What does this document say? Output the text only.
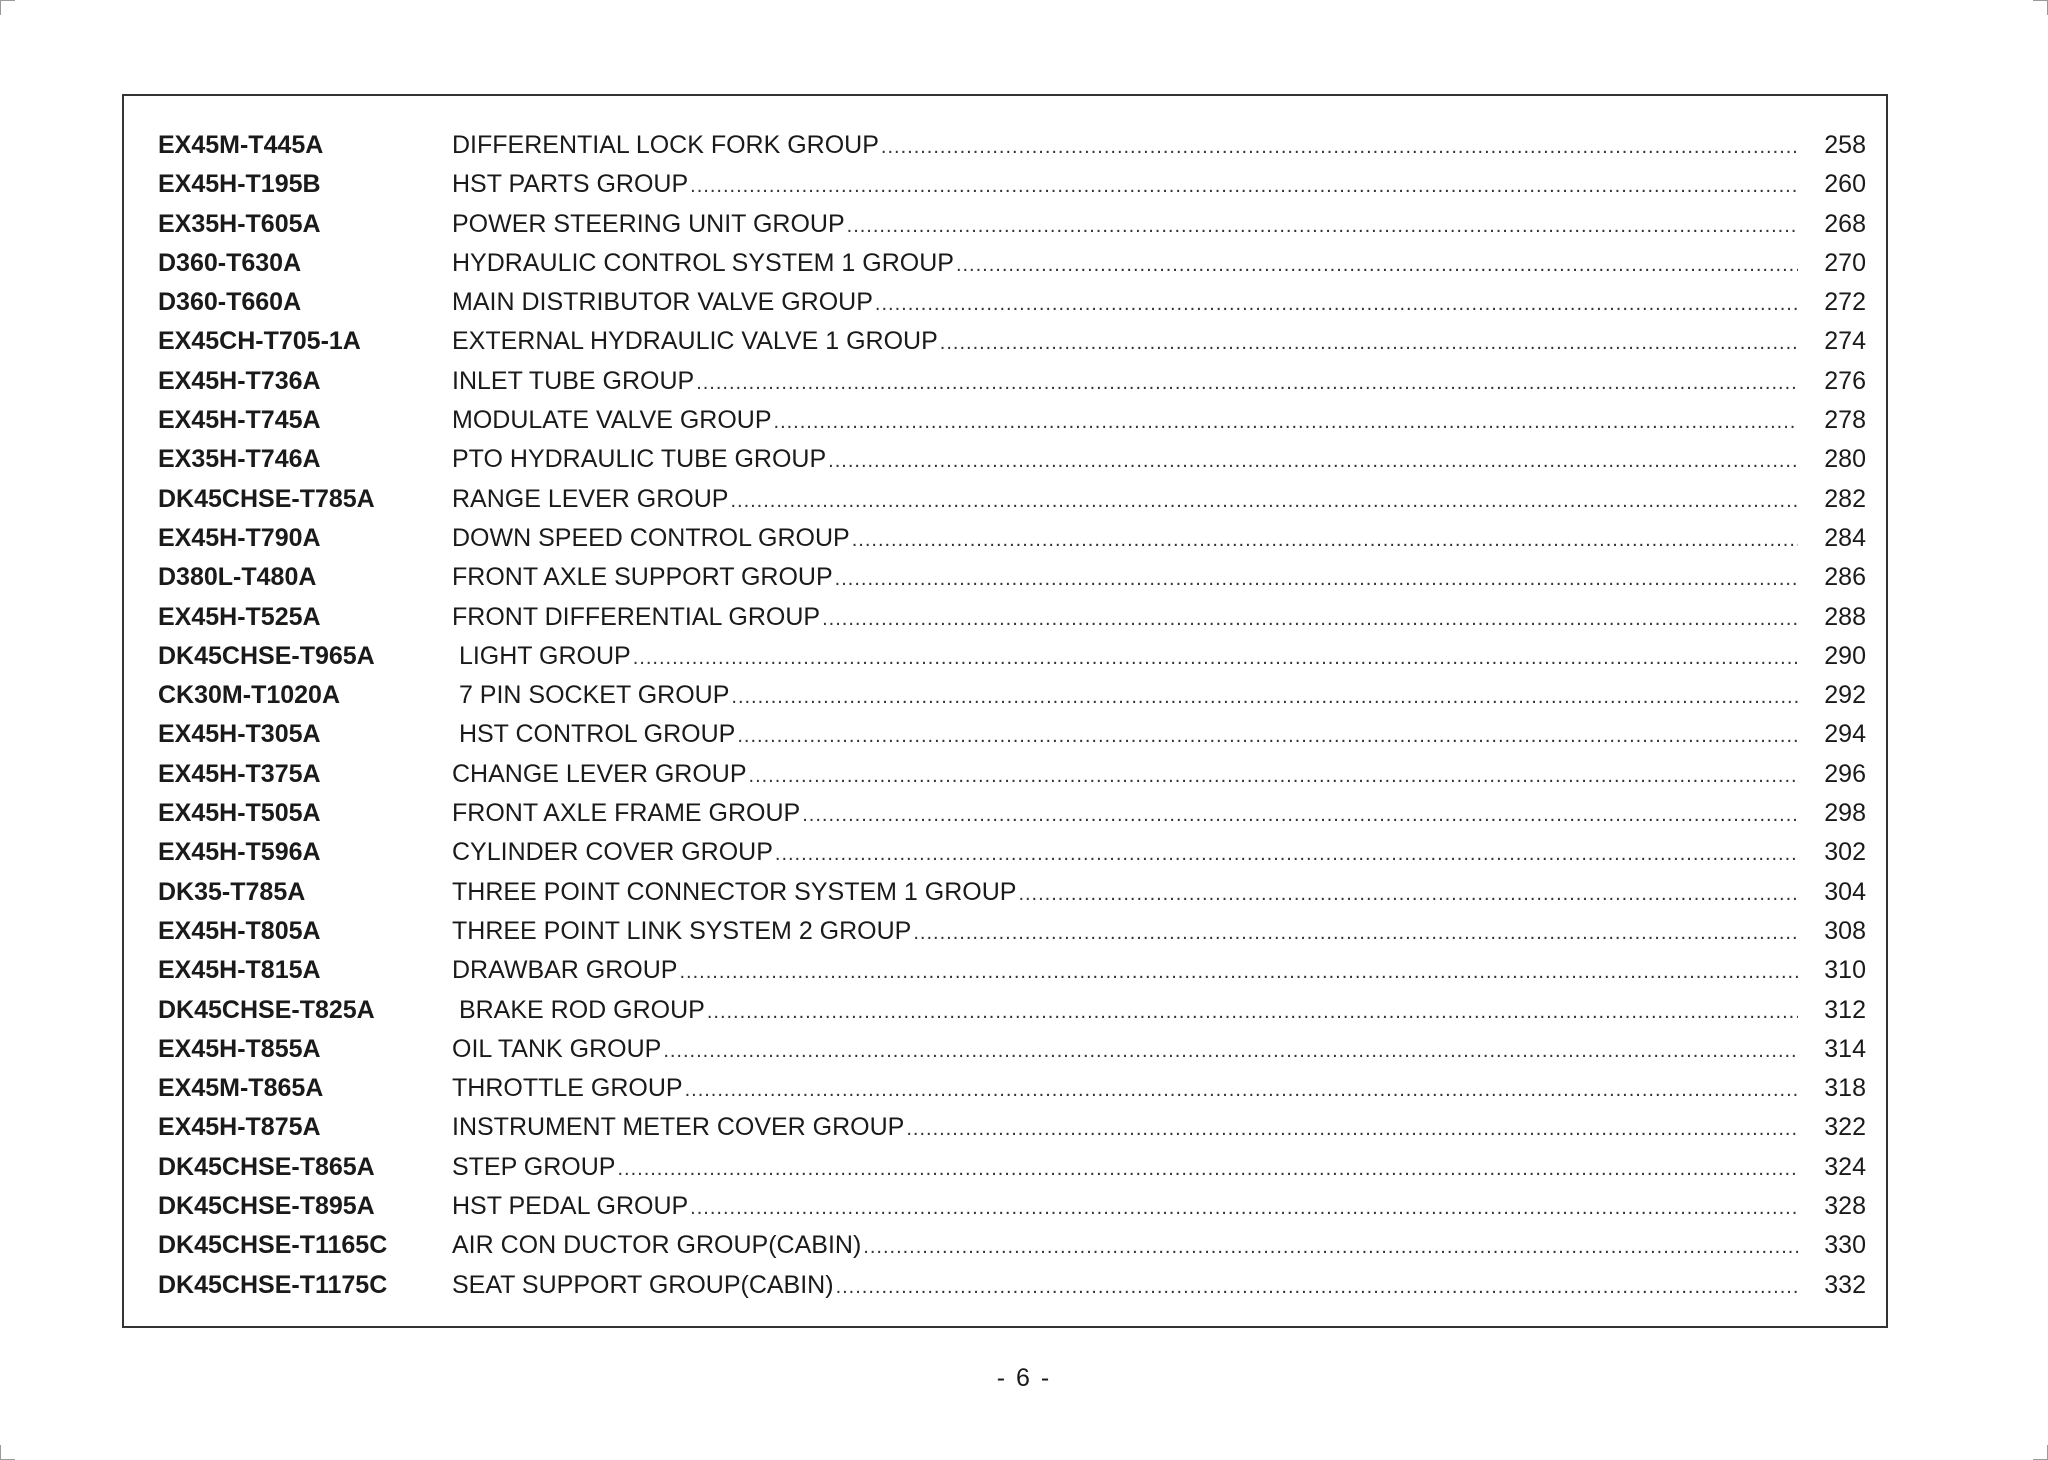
EX45M-T445A	DIFFERENTIAL LOCK FORK GROUP .....	258
EX45H-T195B	HST PARTS GROUP .....	260
EX35H-T605A	POWER STEERING UNIT GROUP .....	268
D360-T630A	HYDRAULIC CONTROL SYSTEM 1 GROUP .....	270
D360-T660A	MAIN DISTRIBUTOR VALVE GROUP .....	272
EX45CH-T705-1A	EXTERNAL HYDRAULIC VALVE 1 GROUP .....	274
EX45H-T736A	INLET TUBE GROUP .....	276
EX45H-T745A	MODULATE VALVE GROUP .....	278
EX35H-T746A	PTO HYDRAULIC TUBE GROUP .....	280
DK45CHSE-T785A	RANGE LEVER GROUP .....	282
EX45H-T790A	DOWN SPEED CONTROL GROUP .....	284
D380L-T480A	FRONT AXLE SUPPORT GROUP .....	286
EX45H-T525A	FRONT DIFFERENTIAL GROUP .....	288
DK45CHSE-T965A	LIGHT GROUP .....	290
CK30M-T1020A	7 PIN SOCKET GROUP .....	292
EX45H-T305A	HST CONTROL GROUP .....	294
EX45H-T375A	CHANGE LEVER GROUP .....	296
EX45H-T505A	FRONT AXLE FRAME GROUP .....	298
EX45H-T596A	CYLINDER COVER GROUP .....	302
DK35-T785A	THREE POINT CONNECTOR SYSTEM 1 GROUP .....	304
EX45H-T805A	THREE POINT LINK SYSTEM 2 GROUP .....	308
EX45H-T815A	DRAWBAR GROUP .....	310
DK45CHSE-T825A	BRAKE ROD GROUP .....	312
EX45H-T855A	OIL TANK GROUP .....	314
EX45M-T865A	THROTTLE GROUP .....	318
EX45H-T875A	INSTRUMENT METER COVER GROUP .....	322
DK45CHSE-T865A	STEP GROUP .....	324
DK45CHSE-T895A	HST PEDAL GROUP .....	328
DK45CHSE-T1165C	AIR CON DUCTOR GROUP(CABIN) .....	330
DK45CHSE-T1175C	SEAT SUPPORT GROUP(CABIN) .....	332
- 6 -
